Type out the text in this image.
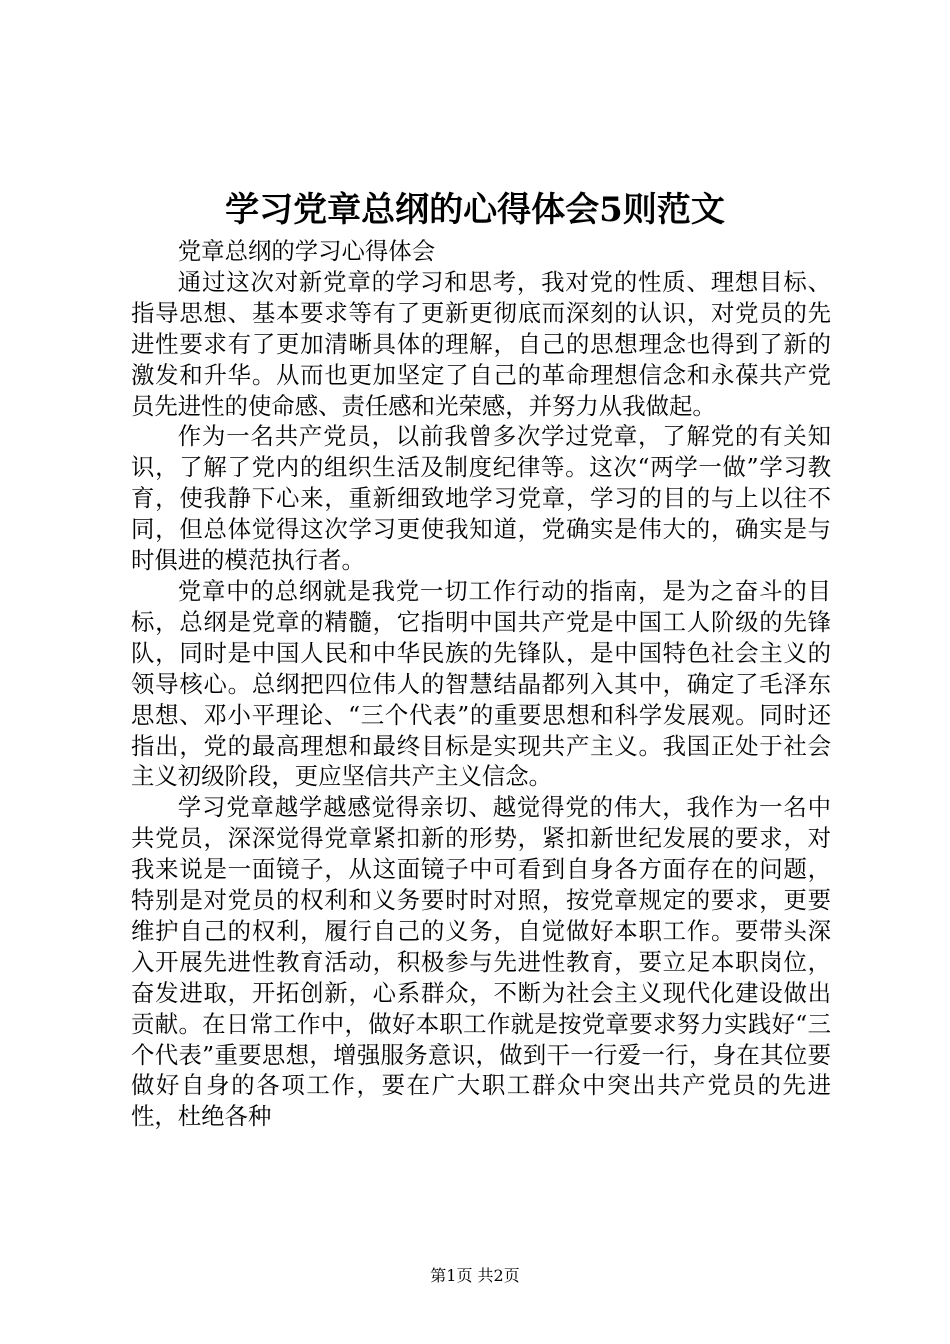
学习党章总纲的心得体会5则范文

党章总纲的学习心得体会

通过这次对新党章的学习和思考，我对党的性质、理想目标、指导思想、基本要求等有了更新更彻底而深刻的认识，对党员的先进性要求有了更加清晰具体的理解，自己的思想理念也得到了新的激发和升华。从而也更加坚定了自己的革命理想信念和永葆共产党员先进性的使命感、责任感和光荣感，并努力从我做起。

作为一名共产党员，以前我曾多次学过党章，了解党的有关知识，了解了党内的组织生活及制度纪律等。这次“两学一做”学习教育，使我静下心来，重新细致地学习党章，学习的目的与上以往不同，但总体觉得这次学习更使我知道，党确实是伟大的，确实是与时俱进的模范执行者。

党章中的总纲就是我党一切工作行动的指南，是为之奋斗的目标，总纲是党章的精髓，它指明中国共产党是中国工人阶级的先锋队，同时是中国人民和中华民族的先锋队，是中国特色社会主义的领导核心。总纲把四位伟人的智慧结晶都列入其中，确定了毛泽东思想、邓小平理论、“三个代表”的重要思想和科学发展观。同时还指出，党的最高理想和最终目标是实现共产主义。我国正处于社会主义初级阶段，更应坚信共产主义信念。

学习党章越学越感觉得亲切、越觉得党的伟大，我作为一名中共党员，深深觉得党章紧扣新的形势，紧扣新世纪发展的要求，对我来说是一面镜子，从这面镜子中可看到自身各方面存在的问题，特别是对党员的权利和义务要时时对照，按党章规定的要求，更要维护自己的权利，履行自己的义务，自觉做好本职工作。要带头深入开展先进性教育活动，积极参与先进性教育，要立足本职岗位，奋发进取，开拓创新，心系群众，不断为社会主义现代化建设做出贡献。在日常工作中，做好本职工作就是按党章要求努力实践好“三个代表”重要思想，增强服务意识，做到干一行爱一行，身在其位要做好自身的各项工作，要在广大职工群众中突出共产党员的先进性，杜绝各种

第1页 共2页
